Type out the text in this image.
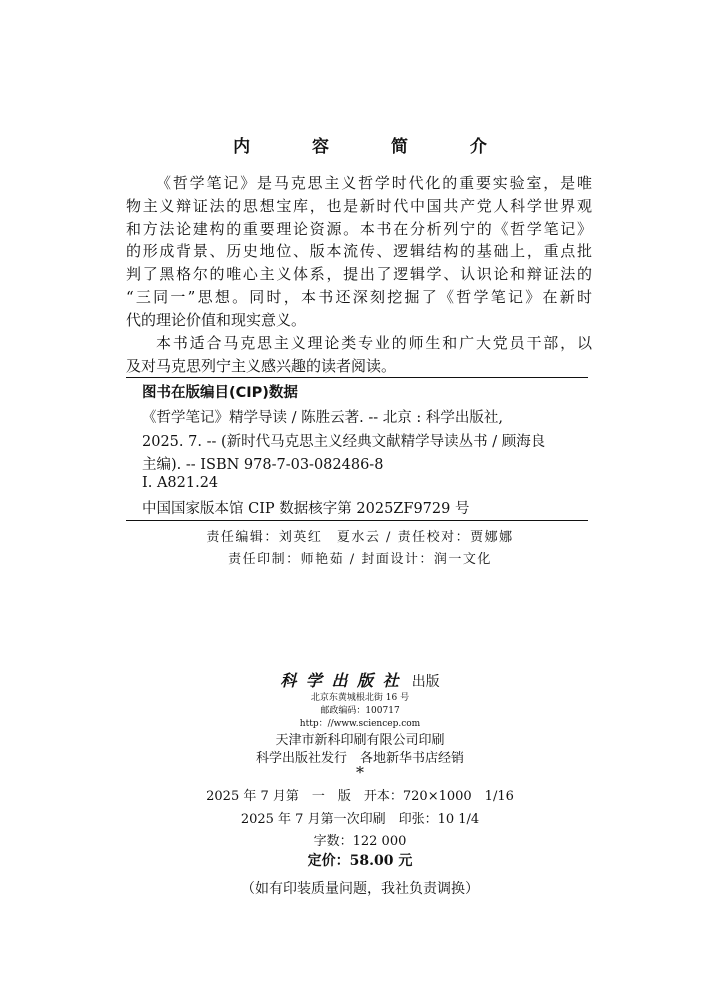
内 容 简 介

《哲学笔记》是马克思主义哲学时代化的重要实验室，是唯

物主义辩证法的思想宝库，也是新时代中国共产党人科学世界观

和方法论建构的重要理论资源。本书在分析列宁的《哲学笔记》

的形成背景、历史地位、版本流传、逻辑结构的基础上，重点批

判了黑格尔的唯心主义体系，提出了逻辑学、认识论和辩证法的

“三同一”思想。同时，本书还深刻挖掘了《哲学笔记》在新时

代的理论价值和现实意义。

本书适合马克思主义理论类专业的师生和广大党员干部，以

及对马克思列宁主义感兴趣的读者阅读。

图书在版编目(CIP)数据
《哲学笔记》精学导读 / 陈胜云著. -- 北京 : 科学出版社,
2025. 7. -- (新时代马克思主义经典文献精学导读丛书 / 顾海良
主编). -- ISBN 978-7-03-082486-8
Ⅰ. A821.24
中国国家版本馆 CIP 数据核字第 2025ZF9729 号
责任编辑：刘英红　夏水云 / 责任校对：贾娜娜
责任印制：师艳茹 / 封面设计：润一文化
科 学 出 版 社 出版
北京东黄城根北街 16 号
邮政编码：100717
http：//www.sciencep.com
天津市新科印刷有限公司印刷
科学出版社发行　各地新华书店经销
*
2025 年 7 月第　一　版　开本：720×1000　1/16
2025 年 7 月第一次印刷　印张：10 1/4
字数：122 000
定价：58.00 元
（如有印装质量问题，我社负责调换）
